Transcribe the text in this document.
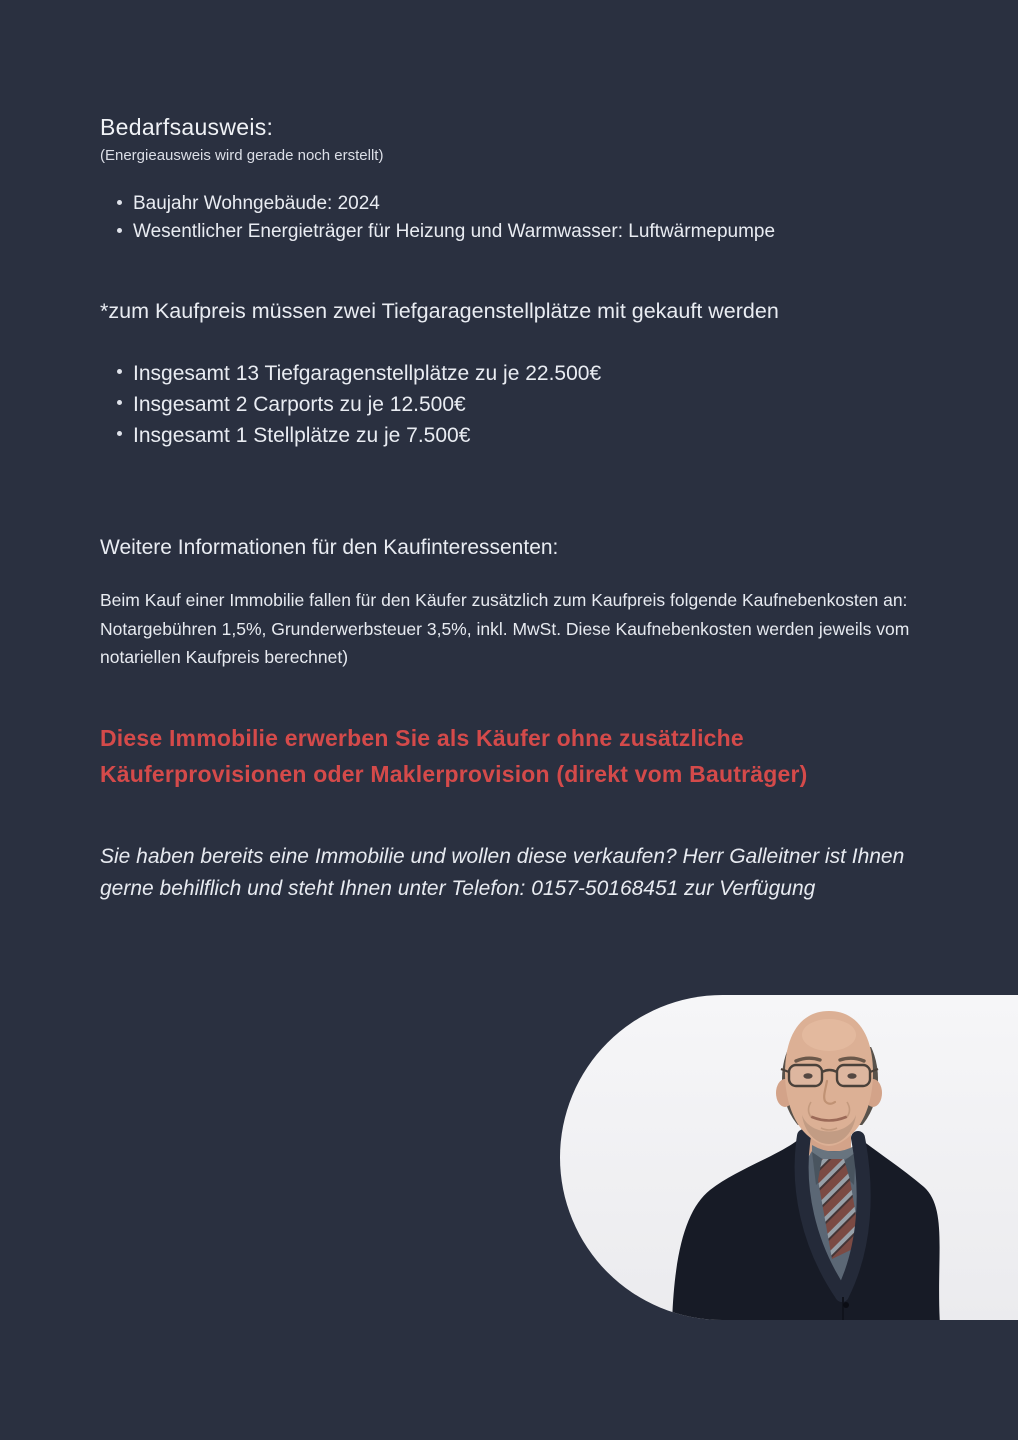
Bedarfsausweis:
(Energieausweis wird gerade noch erstellt)
Baujahr Wohngebäude: 2024
Wesentlicher Energieträger für Heizung und Warmwasser: Luftwärmepumpe
*zum Kaufpreis müssen zwei Tiefgaragenstellplätze mit gekauft werden
Insgesamt 13 Tiefgaragenstellplätze zu je 22.500€
Insgesamt 2 Carports zu je 12.500€
Insgesamt 1 Stellplätze zu je 7.500€
Weitere Informationen für den Kaufinteressenten:

Beim Kauf einer Immobilie fallen für den Käufer zusätzlich zum Kaufpreis folgende Kaufnebenkosten an:
Notargebühren 1,5%, Grunderwerbsteuer 3,5%, inkl. MwSt. Diese Kaufnebenkosten werden jeweils vom
notariellen Kaufpreis berechnet)

Diese Immobilie erwerben Sie als Käufer ohne zusätzliche
Käuferprovisionen oder Maklerprovision (direkt vom Bauträger)

Sie haben bereits eine Immobilie und wollen diese verkaufen? Herr Galleitner ist Ihnen
gerne behilflich und steht Ihnen unter Telefon: 0157-50168451 zur Verfügung
